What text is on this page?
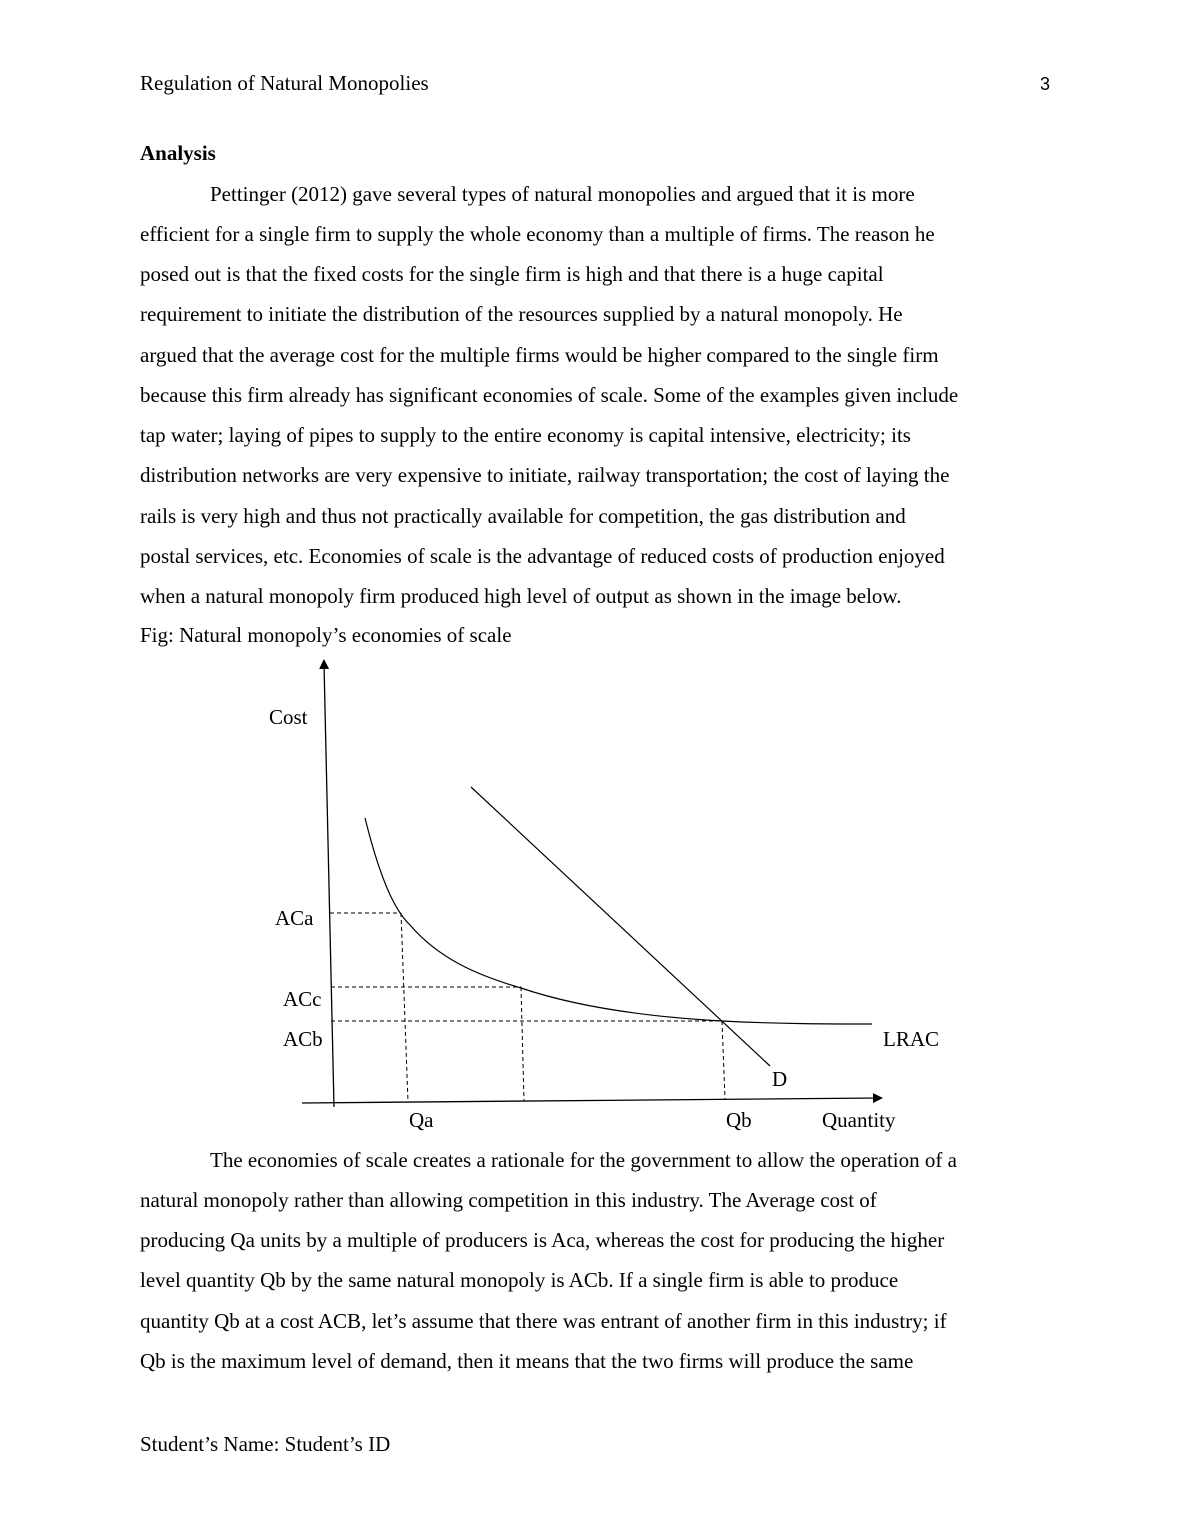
Regulation of Natural Monopolies	3
Analysis
Pettinger (2012) gave several types of natural monopolies and argued that it is more
efficient for a single firm to supply the whole economy than a multiple of firms. The reason he
posed out is that the fixed costs for the single firm is high and that there is a huge capital
requirement to initiate the distribution of the resources supplied by a natural monopoly. He
argued that the average cost for the multiple firms would be higher compared to the single firm
because this firm already has significant economies of scale. Some of the examples given include
tap water; laying of pipes to supply to the entire economy is capital intensive, electricity; its
distribution networks are very expensive to initiate, railway transportation; the cost of laying the
rails is very high and thus not practically available for competition, the gas distribution and
postal services, etc. Economies of scale is the advantage of reduced costs of production enjoyed
when a natural monopoly firm produced high level of output as shown in the image below.
Fig: Natural monopoly’s economies of scale
Cost
ACa
ACc
ACb	LRAC
D
Qa	Qb	Quantity
The economies of scale creates a rationale for the government to allow the operation of a
natural monopoly rather than allowing competition in this industry. The Average cost of
producing Qa units by a multiple of producers is Aca, whereas the cost for producing the higher
level quantity Qb by the same natural monopoly is ACb. If a single firm is able to produce
quantity Qb at a cost ACB, let’s assume that there was entrant of another firm in this industry; if
Qb is the maximum level of demand, then it means that the two firms will produce the same
Student’s Name: Student’s ID
